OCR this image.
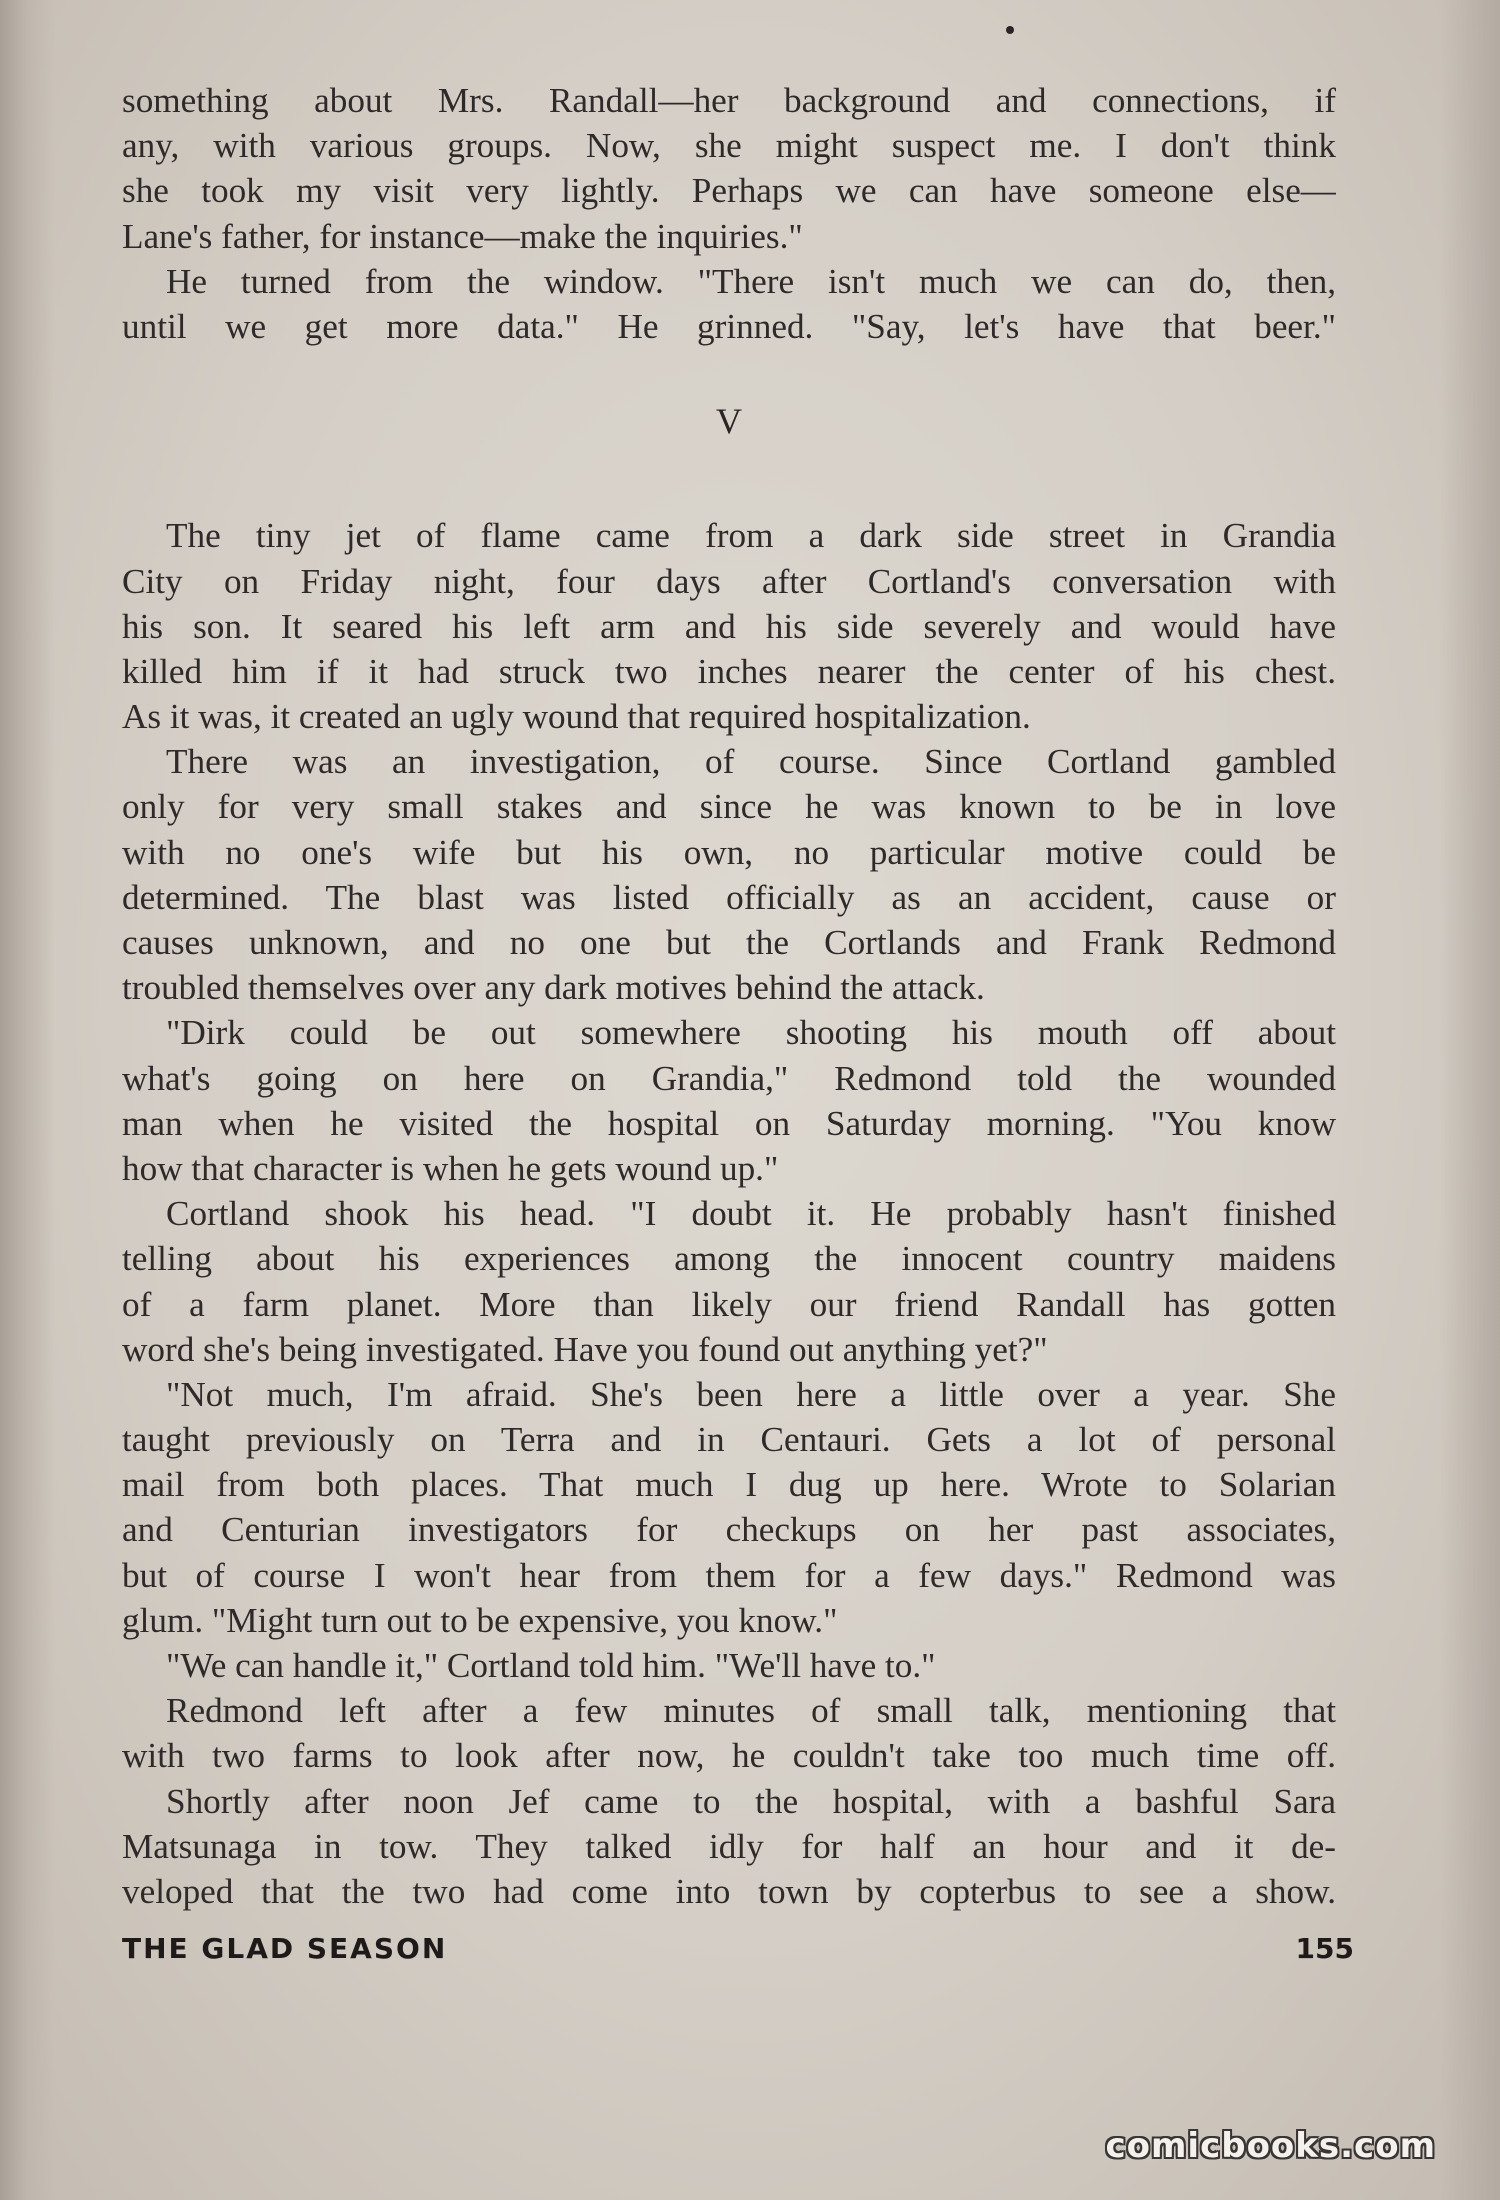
something about Mrs. Randall—her background and connections, if
any, with various groups. Now, she might suspect me. I don't think
she took my visit very lightly. Perhaps we can have someone else—
Lane's father, for instance—make the inquiries."
He turned from the window. "There isn't much we can do, then,
until we get more data." He grinned. "Say, let's have that beer."
V
The tiny jet of flame came from a dark side street in Grandia
City on Friday night, four days after Cortland's conversation with
his son. It seared his left arm and his side severely and would have
killed him if it had struck two inches nearer the center of his chest.
As it was, it created an ugly wound that required hospitalization.
There was an investigation, of course. Since Cortland gambled
only for very small stakes and since he was known to be in love
with no one's wife but his own, no particular motive could be
determined. The blast was listed officially as an accident, cause or
causes unknown, and no one but the Cortlands and Frank Redmond
troubled themselves over any dark motives behind the attack.
"Dirk could be out somewhere shooting his mouth off about
what's going on here on Grandia," Redmond told the wounded
man when he visited the hospital on Saturday morning. "You know
how that character is when he gets wound up."
Cortland shook his head. "I doubt it. He probably hasn't finished
telling about his experiences among the innocent country maidens
of a farm planet. More than likely our friend Randall has gotten
word she's being investigated. Have you found out anything yet?"
"Not much, I'm afraid. She's been here a little over a year. She
taught previously on Terra and in Centauri. Gets a lot of personal
mail from both places. That much I dug up here. Wrote to Solarian
and Centurian investigators for checkups on her past associates,
but of course I won't hear from them for a few days." Redmond was
glum. "Might turn out to be expensive, you know."
"We can handle it," Cortland told him. "We'll have to."
Redmond left after a few minutes of small talk, mentioning that
with two farms to look after now, he couldn't take too much time off.
Shortly after noon Jef came to the hospital, with a bashful Sara
Matsunaga in tow. They talked idly for half an hour and it de-
veloped that the two had come into town by copterbus to see a show.
THE GLAD SEASON	155
comicbooks.com
